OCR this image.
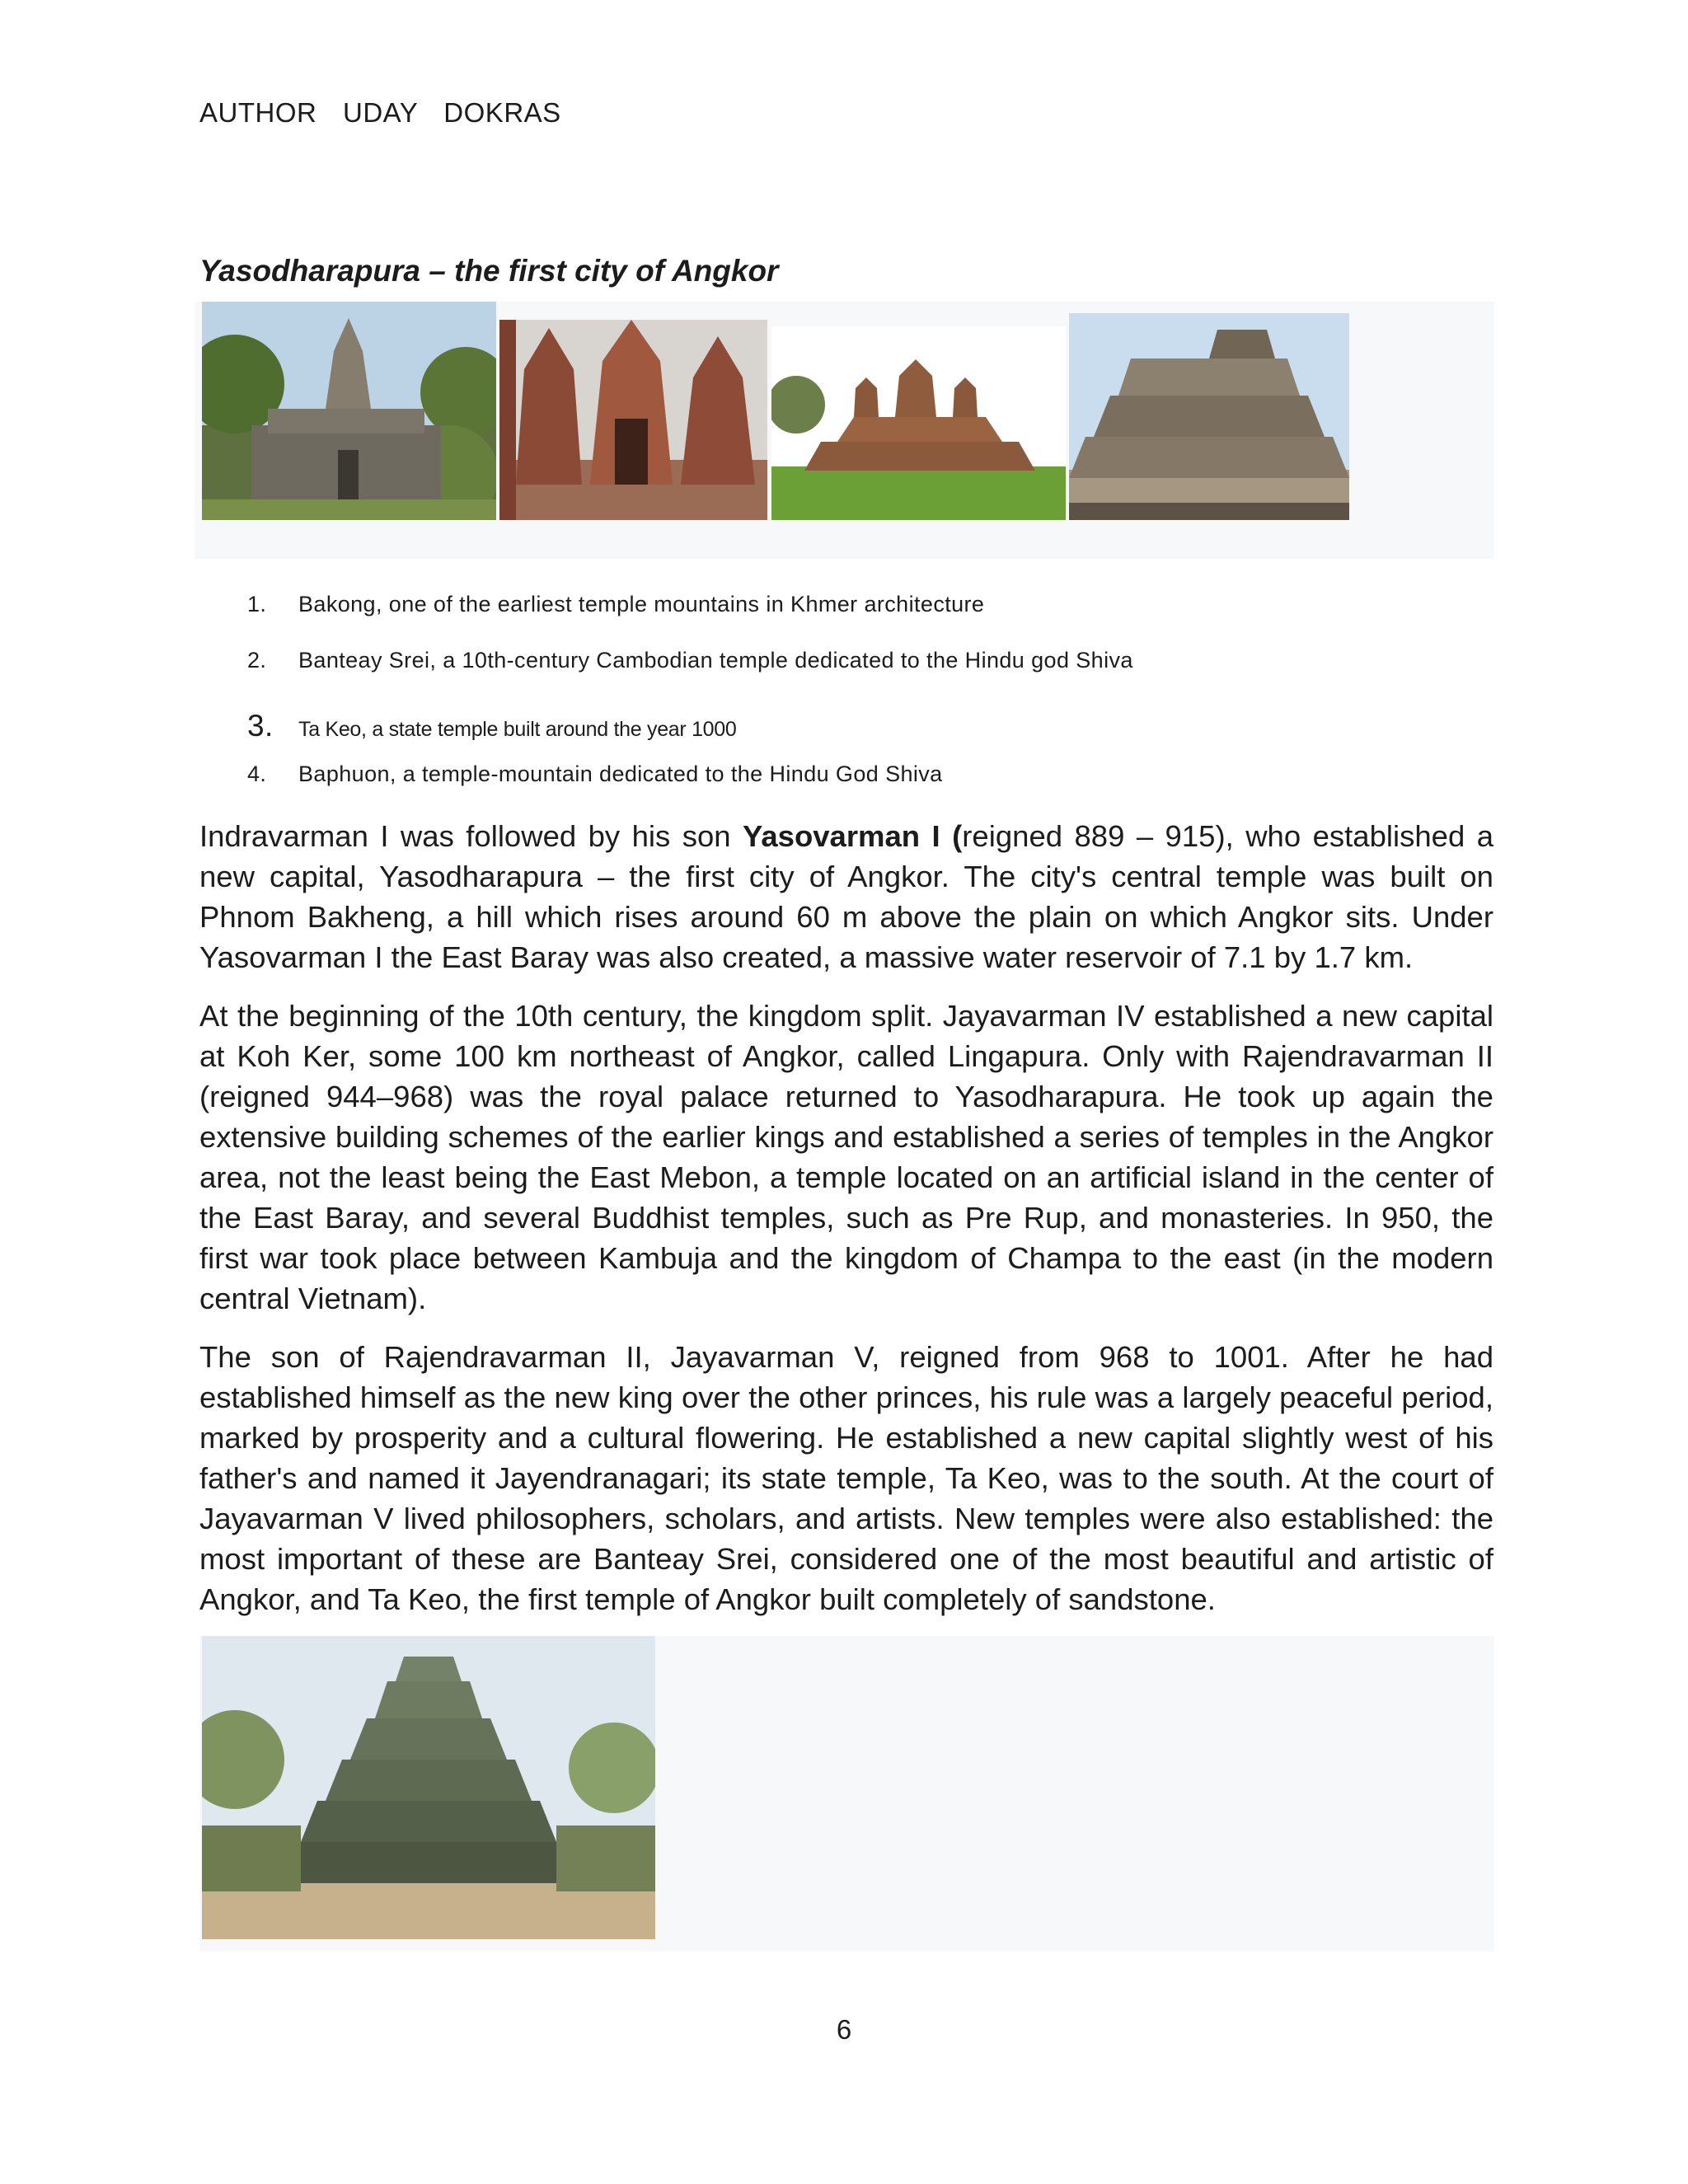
AUTHOR UDAY DOKRAS
Yasodharapura – the first city of Angkor
1. Bakong, one of the earliest temple mountains in Khmer architecture
2. Banteay Srei, a 10th-century Cambodian temple dedicated to the Hindu god Shiva
3. Ta Keo, a state temple built around the year 1000
4. Baphuon, a temple-mountain dedicated to the Hindu God Shiva

Indravarman I was followed by his son Yasovarman I (reigned 889 – 915), who established a new capital, Yasodharapura – the first city of Angkor. The city's central temple was built on Phnom Bakheng, a hill which rises around 60 m above the plain on which Angkor sits. Under Yasovarman I the East Baray was also created, a massive water reservoir of 7.1 by 1.7 km.

At the beginning of the 10th century, the kingdom split. Jayavarman IV established a new capital at Koh Ker, some 100 km northeast of Angkor, called Lingapura. Only with Rajendravarman II (reigned 944–968) was the royal palace returned to Yasodharapura. He took up again the extensive building schemes of the earlier kings and established a series of temples in the Angkor area, not the least being the East Mebon, a temple located on an artificial island in the center of the East Baray, and several Buddhist temples, such as Pre Rup, and monasteries. In 950, the first war took place between Kambuja and the kingdom of Champa to the east (in the modern central Vietnam).

The son of Rajendravarman II, Jayavarman V, reigned from 968 to 1001. After he had established himself as the new king over the other princes, his rule was a largely peaceful period, marked by prosperity and a cultural flowering. He established a new capital slightly west of his father's and named it Jayendranagari; its state temple, Ta Keo, was to the south. At the court of Jayavarman V lived philosophers, scholars, and artists. New temples were also established: the most important of these are Banteay Srei, considered one of the most beautiful and artistic of Angkor, and Ta Keo, the first temple of Angkor built completely of sandstone.

6
